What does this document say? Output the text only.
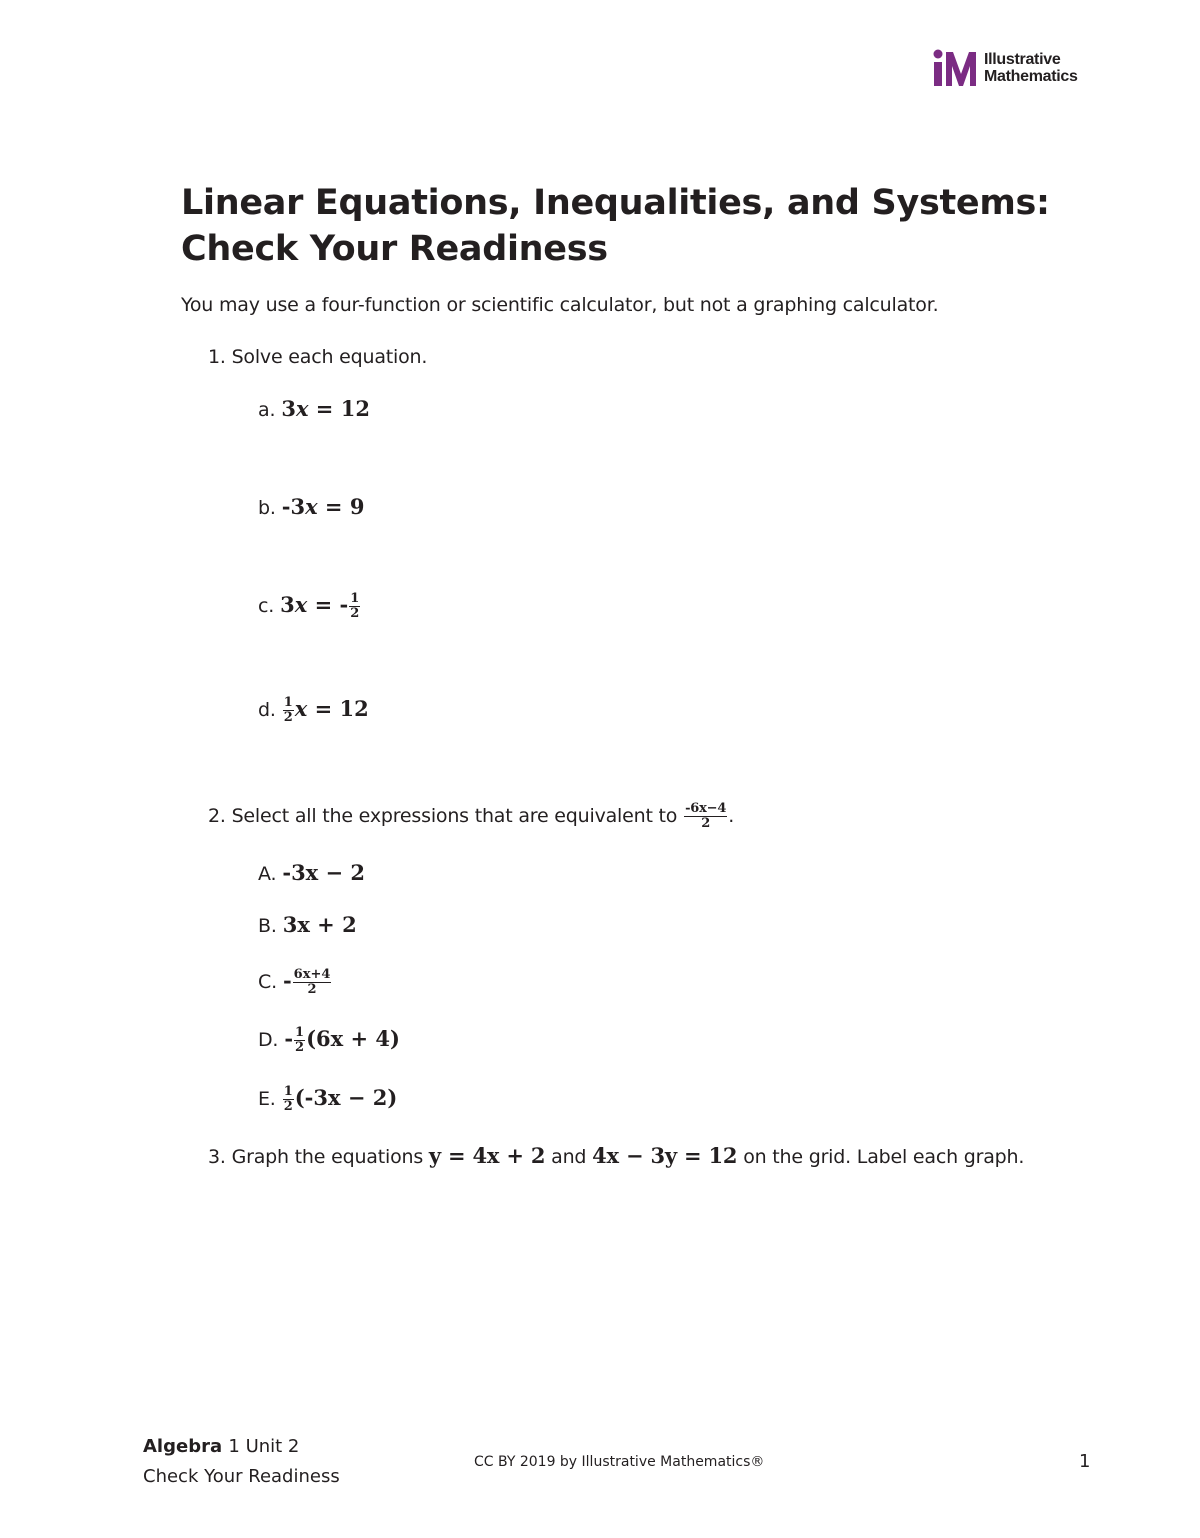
Illustrative
Mathematics
Linear Equations, Inequalities, and Systems:
Check Your Readiness
You may use a four-function or scientific calculator, but not a graphing calculator.
1. Solve each equation.
a. 3x = 12
b. -3x = 9
c. 3x = - $\frac{1}{2}$
d. $\frac{1}{2}$ x = 12
2. Select all the expressions that are equivalent to $\frac{-6x-4}{2}$ .
A. -3x − 2
B. 3x + 2
C. - $\frac{6x+4}{2}$
D. - $\frac{1}{2} (6x + 4)$
E. $\frac{1}{2} (-3x - 2)$
3. Graph the equations y = 4x + 2 and 4x − 3y = 12 on the grid. Label each graph.
Algebra 1 Unit 2
Check Your Readiness
CC BY 2019 by Illustrative Mathematics®	1
